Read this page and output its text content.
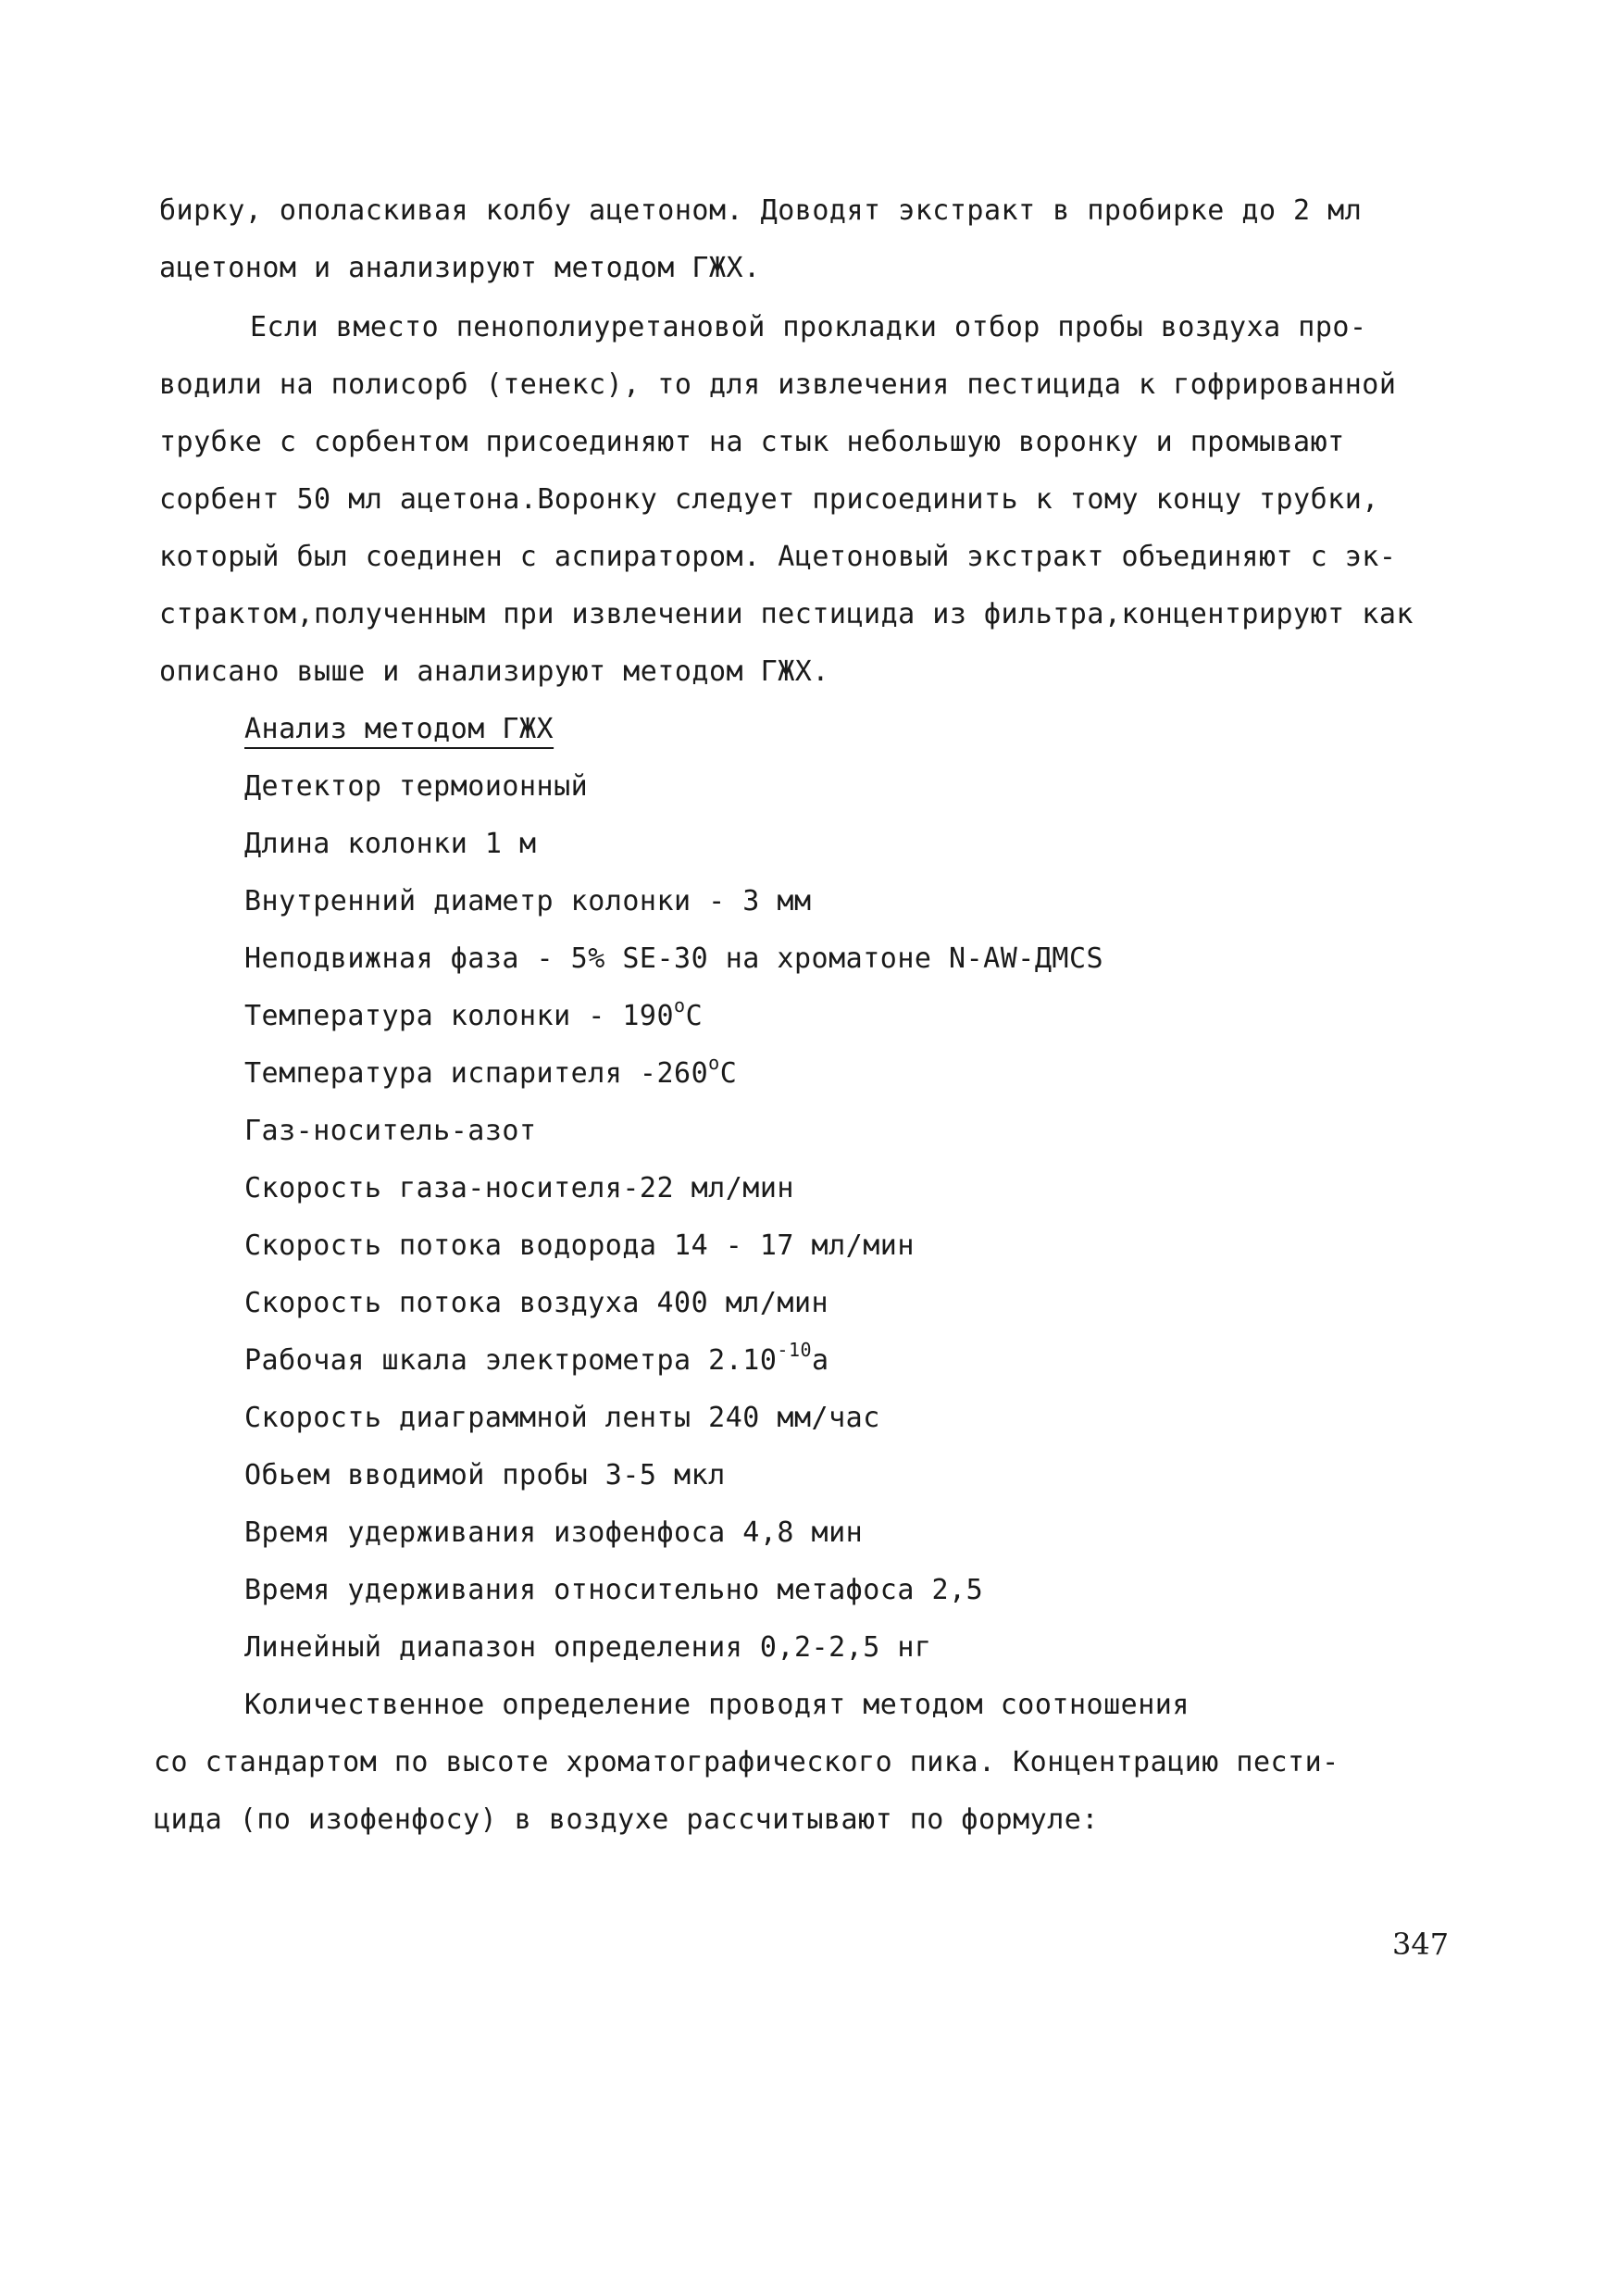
бирку, ополаскивая колбу ацетоном. Доводят экстракт в пробирке до 2 мл
ацетоном и анализируют методом ГЖХ.
Если вместо пенополиуретановой прокладки отбор пробы воздуха про-
водили на полисорб (тенекс), то для извлечения пестицида к гофрированной
трубке с сорбентом присоединяют на стык небольшую воронку и промывают
сорбент 50 мл ацетона.Воронку следует присоединить к тому концу трубки,
который был соединен с аспиратором. Ацетоновый экстракт объединяют с эк-
страктом,полученным при извлечении пестицида из фильтра,концентрируют как
описано выше и анализируют методом ГЖХ.
Анализ методом ГЖХ
Детектор термоионный
Длина колонки 1 м
Внутренний диаметр колонки - 3 мм
Неподвижная фаза - 5% SE-30 на хроматоне N-AW-ДМCS
Температура колонки - 190$^o$C
Температура испарителя -260$^o$C
Газ-носитель-азот
Скорость газа-носителя-22 мл/мин
Скорость потока водорода 14 - 17 мл/мин
Скорость потока воздуха 400 мл/мин
Рабочая шкала электрометра $2.10^{-10}a$
Скорость диаграммной ленты 240 мм/час
Обьем вводимой пробы 3-5 мкл
Время удерживания изофенфоса 4,8 мин
Время удерживания относительно метафоса 2,5
Линейный диапазон определения 0,2-2,5 нг
Количественное определение проводят методом соотношения
со стандартом по высоте хроматографического пика. Концентрацию пести-
цида (по изофенфосу) в воздухе рассчитывают по формуле:
347
